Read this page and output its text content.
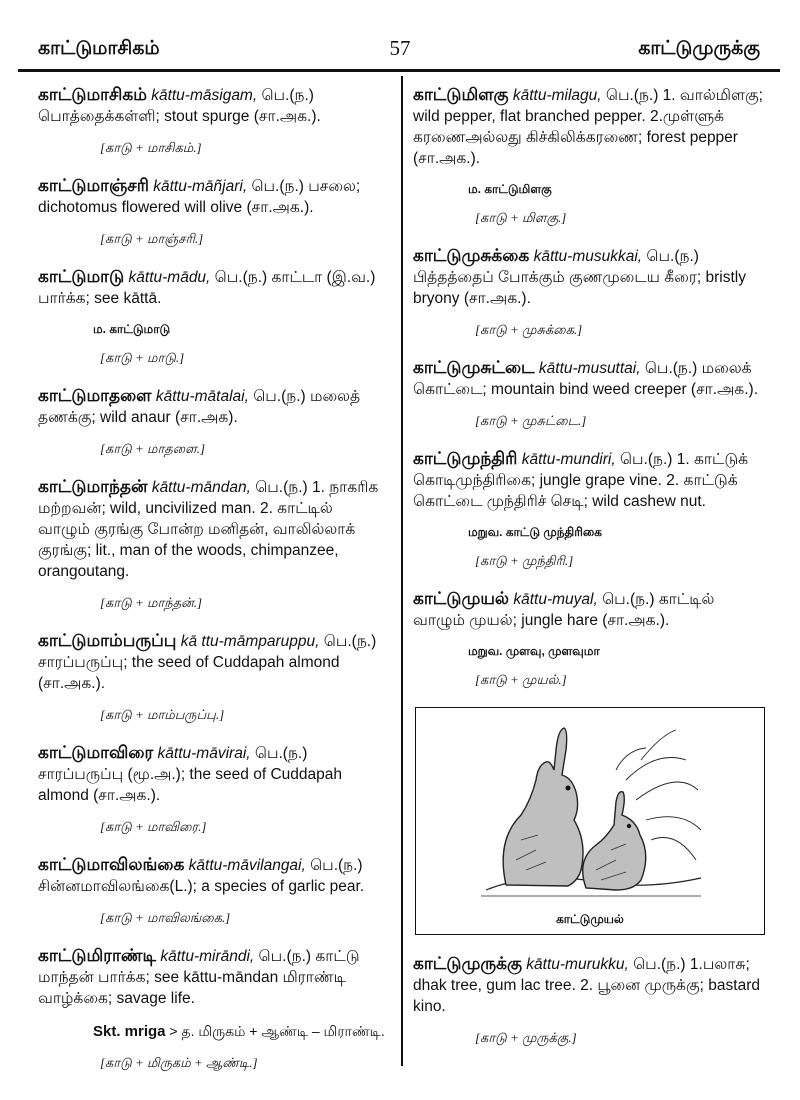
காட்டுமாசிகம்	57	காட்டுமுருக்கு

காட்டுமாசிகம் kāttu-māsigam, பெ.(ந.) பொத்தைக்கள்ளி; stout spurge (சா.அக.).

[காடு + மாசிகம்.]

காட்டுமாஞ்சரி kāttu-māñjari, பெ.(ந.) பசலை; dichotomus flowered will olive (சா.அக.).

[காடு + மாஞ்சரி.]

காட்டுமாடு kāttu-mādu, பெ.(ந.) காட்டா (இ.வ.) பார்க்க; see kāttā.

ம. காட்டுமாடு
[காடு + மாடு.]

காட்டுமாதளை kāttu-mātalai, பெ.(ந.) மலைத் தணக்கு; wild anaur (சா.அக).

[காடு + மாதளை.]

காட்டுமாந்தன் kāttu-māndan, பெ.(ந.) 1. நாகரிக மற்றவன்; wild, uncivilized man. 2. காட்டில் வாழும் குரங்கு போன்ற மனிதன், வாலில்லாக் குரங்கு; lit., man of the woods, chimpanzee, orangoutang.

[காடு + மாந்தன்.]

காட்டுமாம்பருப்பு kā ttu-māmparuppu, பெ.(ந.) சாரப்பருப்பு; the seed of Cuddapah almond (சா.அக.).

[காடு + மாம்பருப்பு.]

காட்டுமாவிரை kāttu-māvirai, பெ.(ந.) சாரப்பருப்பு (மூ.அ.); the seed of Cuddapah almond (சா.அக.).

[காடு + மாவிரை.]

காட்டுமாவிலங்கை kāttu-māvilangai, பெ.(ந.) சின்னமாவிலங்கை(L.); a species of garlic pear.

[காடு + மாவிலங்கை.]

காட்டுமிராண்டி kāttu-mirāndi, பெ.(ந.) காட்டு மாந்தன் பார்க்க; see kāttu-māndan மிராண்டி வாழ்க்கை; savage life.

Skt. mriga > த. மிருகம் + ஆண்டி – மிராண்டி.
[காடு + மிருகம் + ஆண்டி.]

காட்டுமிளகு kāttu-milagu, பெ.(ந.) 1. வால்மிளகு; wild pepper, flat branched pepper. 2.முள்ளுக் கரணைஅல்லது கிச்கிலிக்கரணை; forest pepper (சா.அக.).

ம. காட்டுமிளகு
[காடு + மிளகு.]

காட்டுமுசுக்கை kāttu-musukkai, பெ.(ந.) பித்தத்தைப் போக்கும் குணமுடைய கீரை; bristly bryony (சா.அக.).

[காடு + முசுக்கை.]

காட்டுமுசுட்டை kāttu-musuttai, பெ.(ந.) மலைக் கொட்டை; mountain bind weed creeper (சா.அக.).

[காடு + முசுட்டை.]

காட்டுமுந்திரி kāttu-mundiri, பெ.(ந.) 1. காட்டுக் கொடிமுந்திரிகை; jungle grape vine. 2. காட்டுக் கொட்டை முந்திரிச் செடி; wild cashew nut.

மறுவ. காட்டு முந்திரிகை
[காடு + முந்திரி.]

காட்டுமுயல் kāttu-muyal, பெ.(ந.) காட்டில் வாழும் முயல்; jungle hare (சா.அக.).

மறுவ. முளவு, முளவுமா
[காடு + முயல்.]
காட்டுமுயல்

காட்டுமுருக்கு kāttu-murukku, பெ.(ந.) 1.பலாசு; dhak tree, gum lac tree. 2. பூனை முருக்கு; bastard kino.

[காடு + முருக்கு.]
